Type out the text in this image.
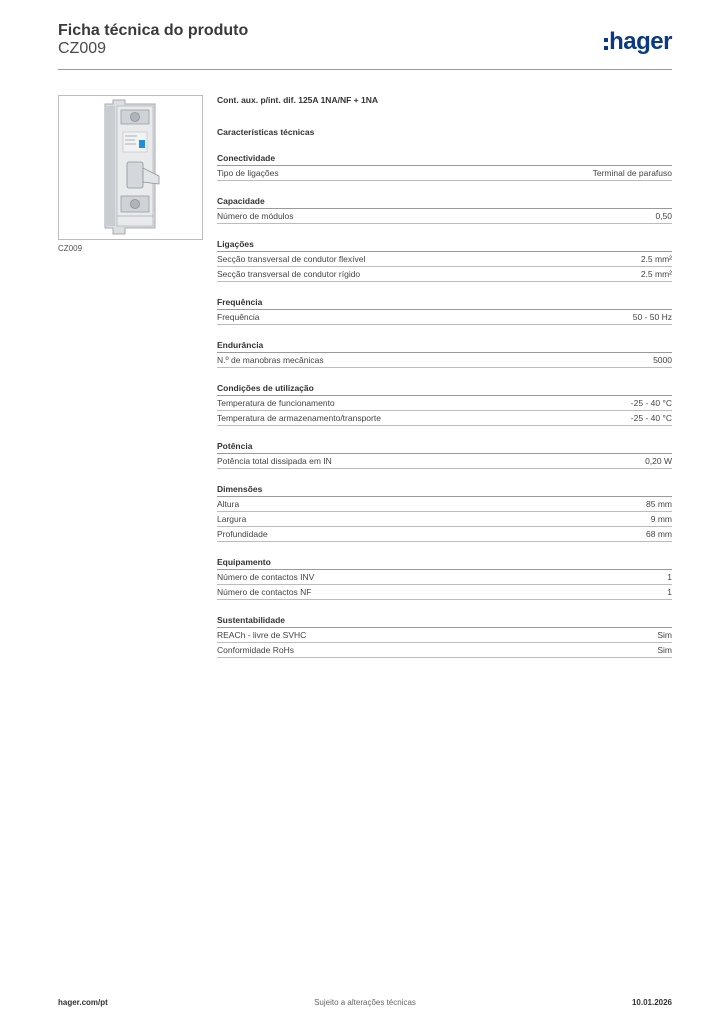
Ficha técnica do produto
CZ009	hager
CZ009
Cont. aux. p/int. dif. 125A 1NA/NF + 1NA
Características técnicas
Conectividade
Tipo de ligações	Terminal de parafuso
Capacidade
Número de módulos	0,50
Ligações
Secção transversal de condutor flexível	2.5 mm²
Secção transversal de condutor rígido	2.5 mm²
Frequência
Frequência	50 - 50 Hz
Endurância
N.º de manobras mecânicas	5000
Condições de utilização
Temperatura de funcionamento	-25 - 40 °C
Temperatura de armazenamento/transporte	-25 - 40 °C
Potência
Potência total dissipada em IN	0,20 W
Dimensões
Altura	85 mm
Largura	9 mm
Profundidade	68 mm
Equipamento
Número de contactos INV	1
Número de contactos NF	1
Sustentabilidade
REACh - livre de SVHC	Sim
Conformidade RoHs	Sim
Sujeito a alterações técnicas
hager.com/pt	10.01.2026
